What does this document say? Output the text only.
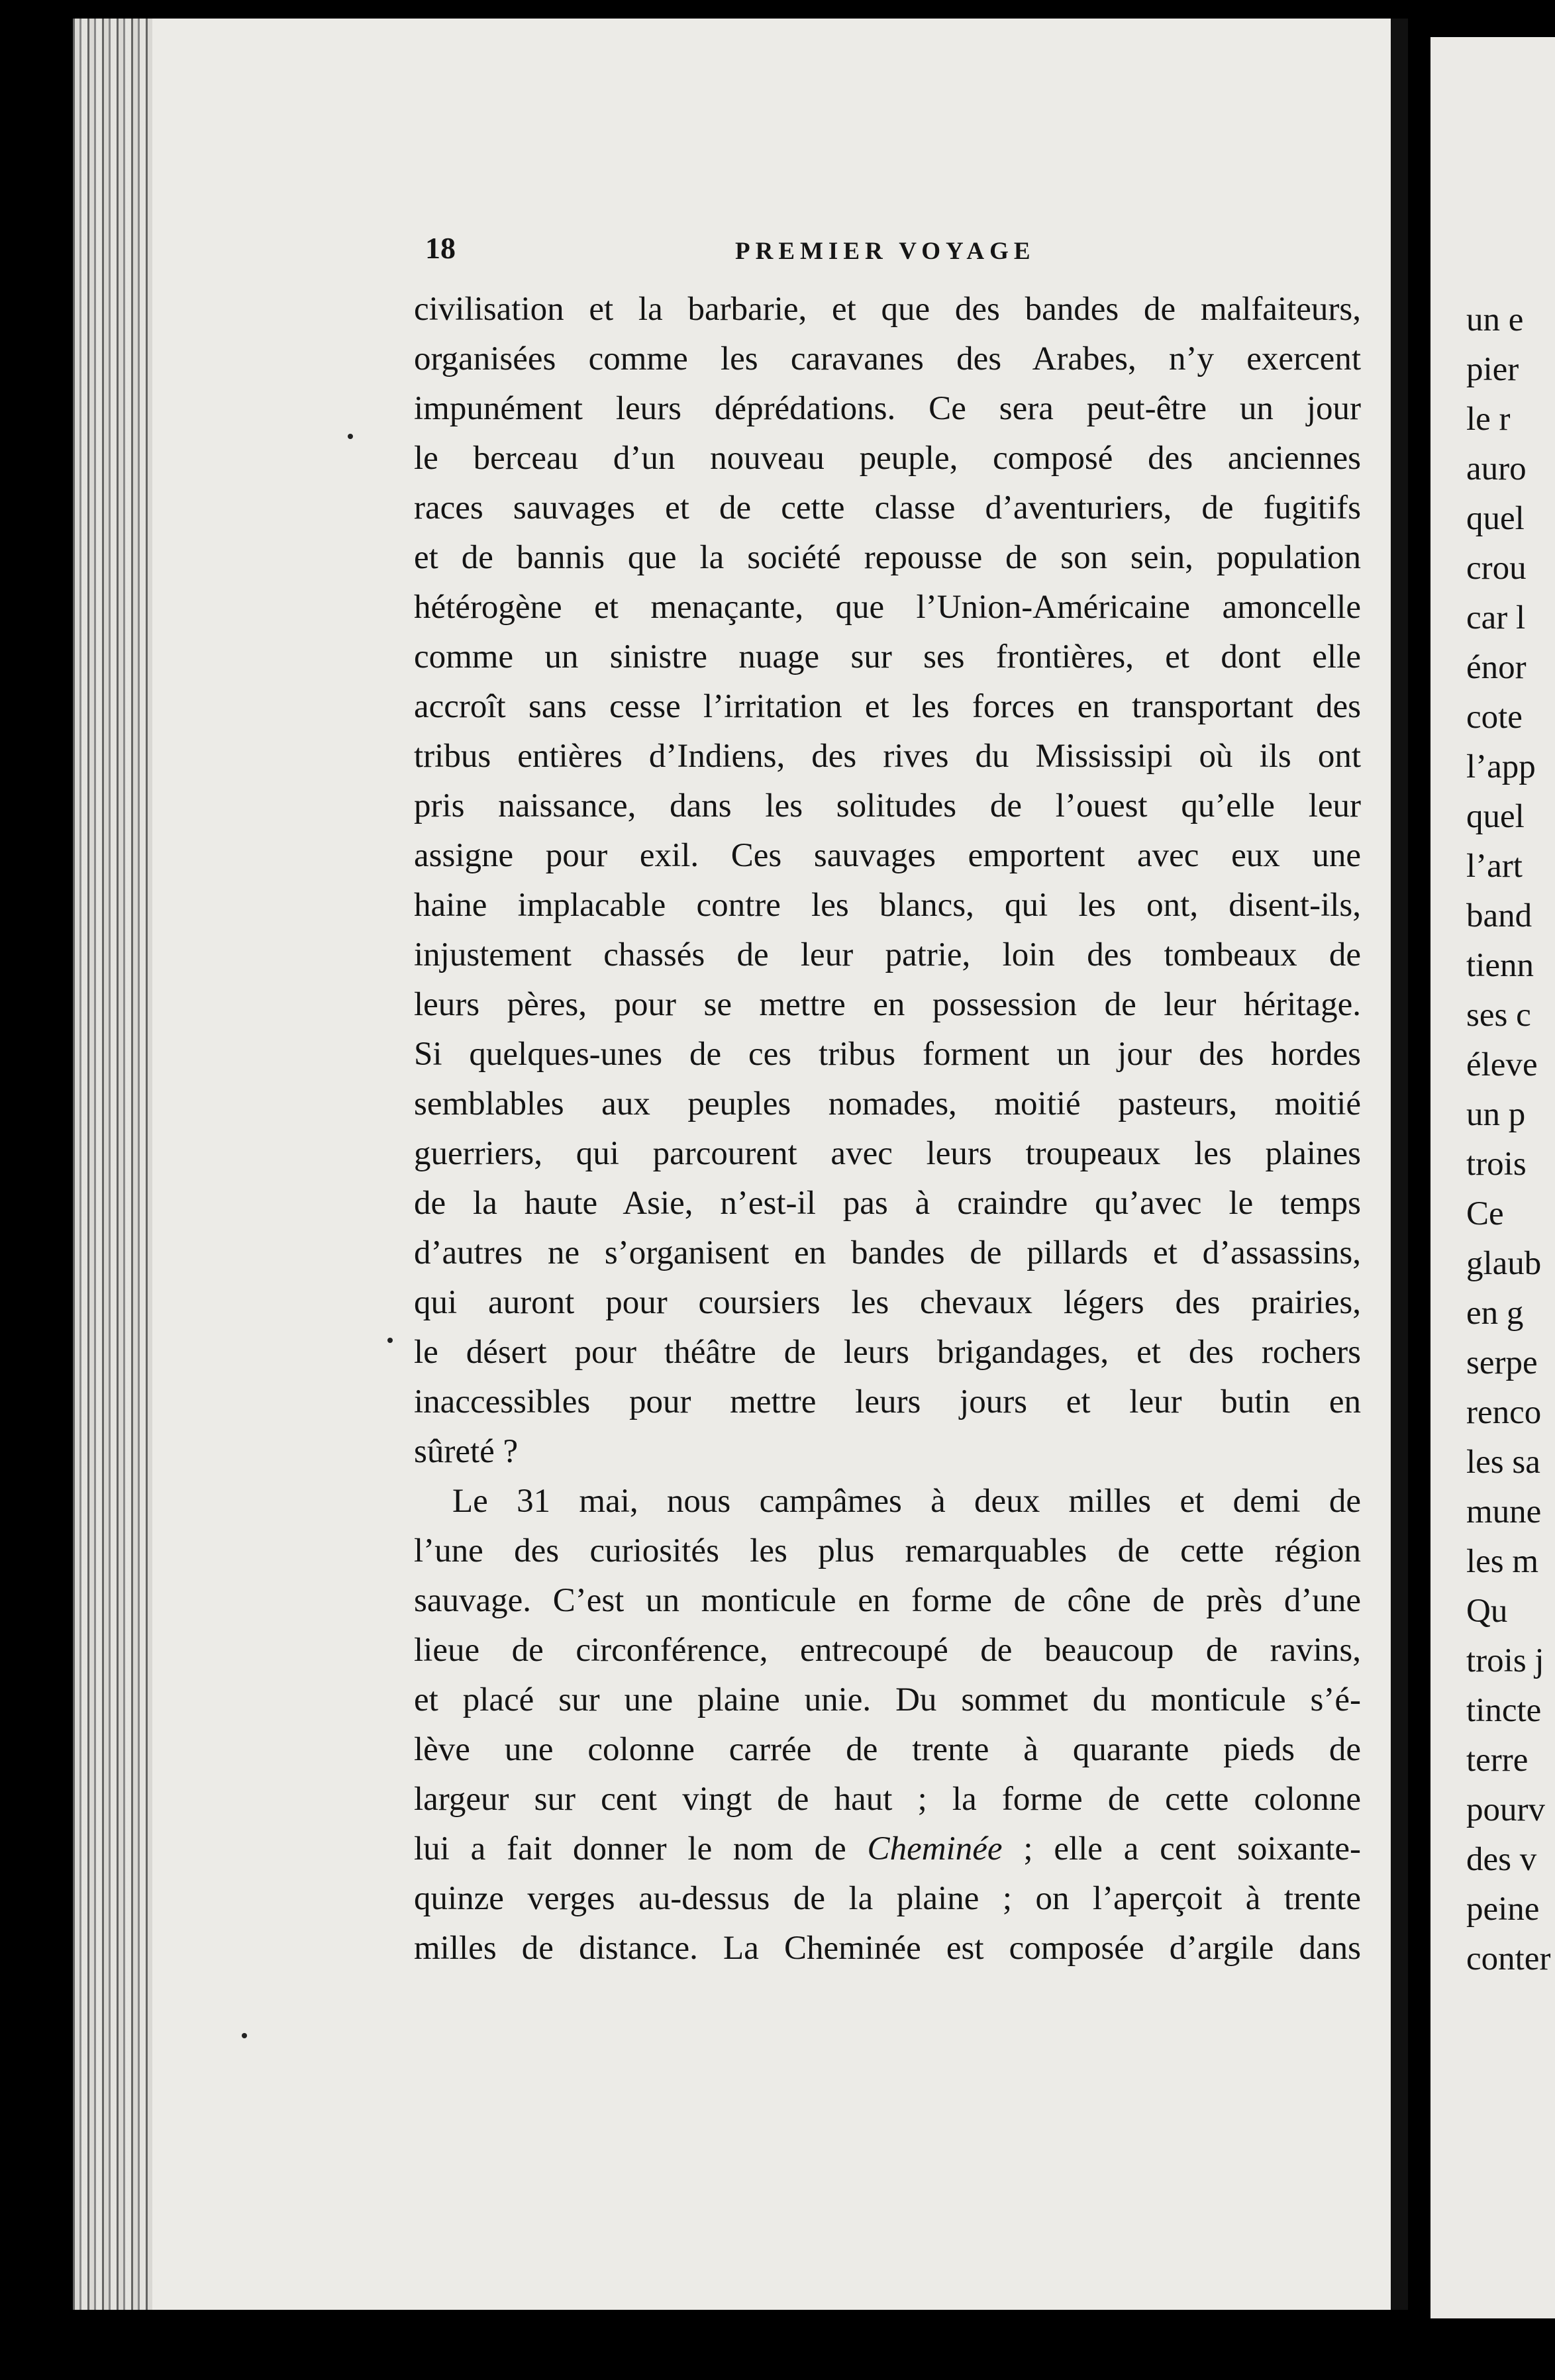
18	PREMIER VOYAGE
civilisation et la barbarie, et que des bandes de malfaiteurs,
organisées comme les caravanes des Arabes, n’y exercent
impunément leurs déprédations. Ce sera peut-être un jour
le berceau d’un nouveau peuple, composé des anciennes
races sauvages et de cette classe d’aventuriers, de fugitifs
et de bannis que la société repousse de son sein, population
hétérogène et menaçante, que l’Union-Américaine amoncelle
comme un sinistre nuage sur ses frontières, et dont elle
accroît sans cesse l’irritation et les forces en transportant des
tribus entières d’Indiens, des rives du Mississipi où ils ont
pris naissance, dans les solitudes de l’ouest qu’elle leur
assigne pour exil. Ces sauvages emportent avec eux une
haine implacable contre les blancs, qui les ont, disent-ils,
injustement chassés de leur patrie, loin des tombeaux de
leurs pères, pour se mettre en possession de leur héritage.
Si quelques-unes de ces tribus forment un jour des hordes
semblables aux peuples nomades, moitié pasteurs, moitié
guerriers, qui parcourent avec leurs troupeaux les plaines
de la haute Asie, n’est-il pas à craindre qu’avec le temps
d’autres ne s’organisent en bandes de pillards et d’assassins,
qui auront pour coursiers les chevaux légers des prairies,
le désert pour théâtre de leurs brigandages, et des rochers
inaccessibles pour mettre leurs jours et leur butin en
sûreté ?
Le 31 mai, nous campâmes à deux milles et demi de
l’une des curiosités les plus remarquables de cette région
sauvage. C’est un monticule en forme de cône de près d’une
lieue de circonférence, entrecoupé de beaucoup de ravins,
et placé sur une plaine unie. Du sommet du monticule s’é-
lève une colonne carrée de trente à quarante pieds de
largeur sur cent vingt de haut ; la forme de cette colonne
lui a fait donner le nom de Cheminée ; elle a cent soixante-
quinze verges au-dessus de la plaine ; on l’aperçoit à trente
milles de distance. La Cheminée est composée d’argile dans
un e
pier
le r
auro
quel
crou
car l
énor
cote
l’app
quel
l’art
band
tienn
ses c
éleve
un p
trois
Ce
glaub
en g
serpe
renco
les sa
mune
les m
Qu
trois j
tincte
terre
pourv
des v
peine
conter
